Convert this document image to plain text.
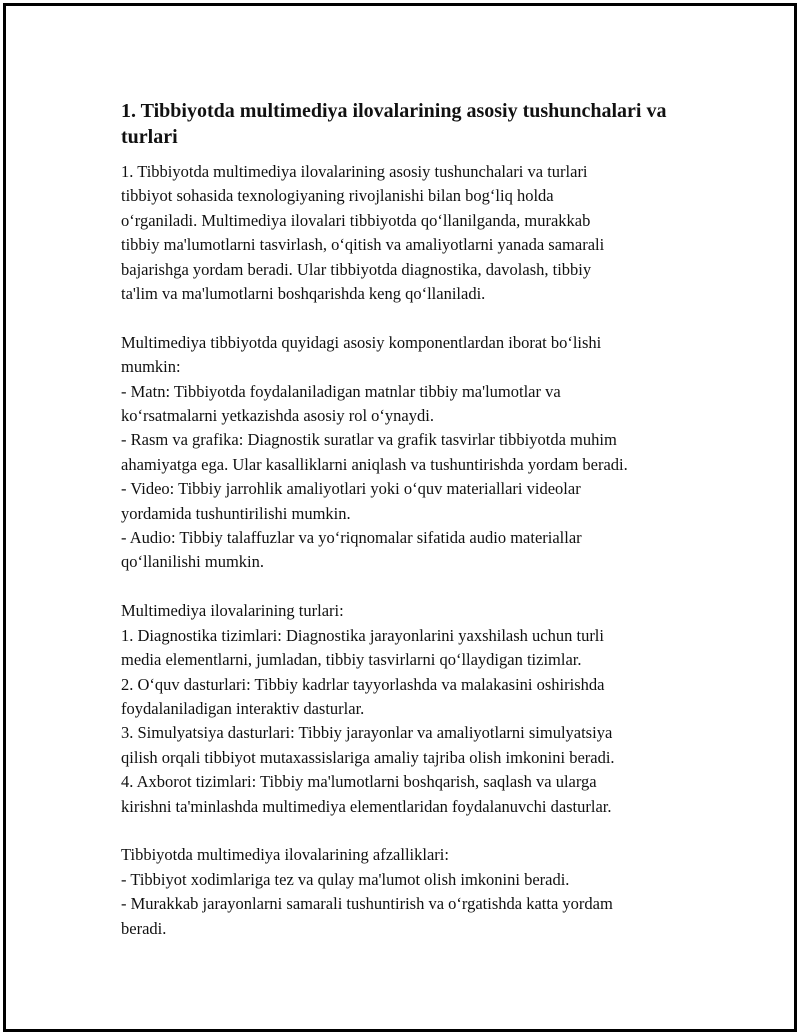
1. Tibbiyotda multimediya ilovalarining asosiy tushunchalari va turlari

1. Tibbiyotda multimediya ilovalarining asosiy tushunchalari va turlari
tibbiyot sohasida texnologiyaning rivojlanishi bilan bog‘liq holda
o‘rganiladi. Multimediya ilovalari tibbiyotda qo‘llanilganda, murakkab
tibbiy ma'lumotlarni tasvirlash, o‘qitish va amaliyotlarni yanada samarali
bajarishga yordam beradi. Ular tibbiyotda diagnostika, davolash, tibbiy
ta'lim va ma'lumotlarni boshqarishda keng qo‘llaniladi.

Multimediya tibbiyotda quyidagi asosiy komponentlardan iborat bo‘lishi
mumkin:
- Matn: Tibbiyotda foydalaniladigan matnlar tibbiy ma'lumotlar va
ko‘rsatmalarni yetkazishda asosiy rol o‘ynaydi.
- Rasm va grafika: Diagnostik suratlar va grafik tasvirlar tibbiyotda muhim
ahamiyatga ega. Ular kasalliklarni aniqlash va tushuntirishda yordam beradi.
- Video: Tibbiy jarrohlik amaliyotlari yoki o‘quv materiallari videolar
yordamida tushuntirilishi mumkin.
- Audio: Tibbiy talaffuzlar va yo‘riqnomalar sifatida audio materiallar
qo‘llanilishi mumkin.

Multimediya ilovalarining turlari:
1. Diagnostika tizimlari: Diagnostika jarayonlarini yaxshilash uchun turli
media elementlarni, jumladan, tibbiy tasvirlarni qo‘llaydigan tizimlar.
2. O‘quv dasturlari: Tibbiy kadrlar tayyorlashda va malakasini oshirishda
foydalaniladigan interaktiv dasturlar.
3. Simulyatsiya dasturlari: Tibbiy jarayonlar va amaliyotlarni simulyatsiya
qilish orqali tibbiyot mutaxassislariga amaliy tajriba olish imkonini beradi.
4. Axborot tizimlari: Tibbiy ma'lumotlarni boshqarish, saqlash va ularga
kirishni ta'minlashda multimediya elementlaridan foydalanuvchi dasturlar.

Tibbiyotda multimediya ilovalarining afzalliklari:
- Tibbiyot xodimlariga tez va qulay ma'lumot olish imkonini beradi.
- Murakkab jarayonlarni samarali tushuntirish va o‘rgatishda katta yordam
beradi.
